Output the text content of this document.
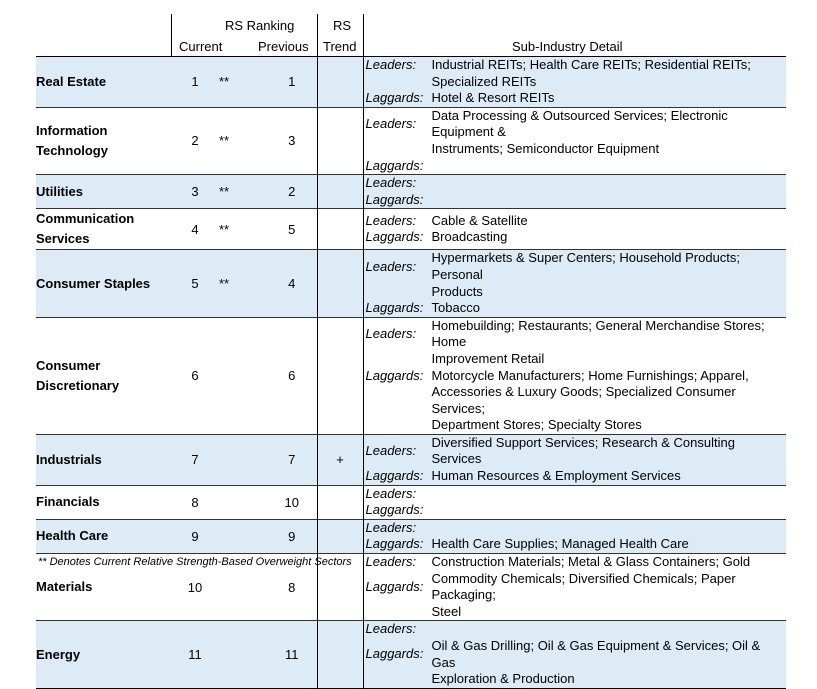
RS Ranking
Current	Previous
RS
Trend	Sub-Industry Detail
Real Estate	1	**	1		
Leaders:	Industrial REITs; Health Care REITs; Residential REITs;
	Specialized REITs
Laggards:	Hotel & Resort REITs

Information Technology	2	**	3		
Leaders:	Data Processing & Outsourced Services; Electronic Equipment &
	Instruments; Semiconductor Equipment
Laggards:	

Utilities	3	**	2		
Leaders:	
Laggards:	

Communication Services	4	**	5		
Leaders:	Cable & Satellite
Laggards:	Broadcasting

Consumer Staples	5	**	4		
Leaders:	Hypermarkets & Super Centers; Household Products; Personal
	Products
Laggards:	Tobacco

Consumer Discretionary	6		6		
Leaders:	Homebuilding; Restaurants; General Merchandise Stores; Home
	Improvement Retail
Laggards:	Motorcycle Manufacturers; Home Furnishings; Apparel,
	Accessories & Luxury Goods; Specialized Consumer Services;
	Department Stores; Specialty Stores

Industrials	7		7	+	
Leaders:	Diversified Support Services; Research & Consulting Services
Laggards:	Human Resources & Employment Services

Financials	8		10		
Leaders:	
Laggards:	

Health Care	9		9		
Leaders:	
Laggards:	Health Care Supplies; Managed Health Care

Materials	10		8		
Leaders:	Construction Materials; Metal & Glass Containers; Gold
Laggards:	Commodity Chemicals; Diversified Chemicals; Paper Packaging;
	Steel

Energy	11		11		
Leaders:	
Laggards:	Oil & Gas Drilling; Oil & Gas Equipment & Services; Oil & Gas
	Exploration & Production
** Denotes Current Relative Strength-Based Overweight Sectors
